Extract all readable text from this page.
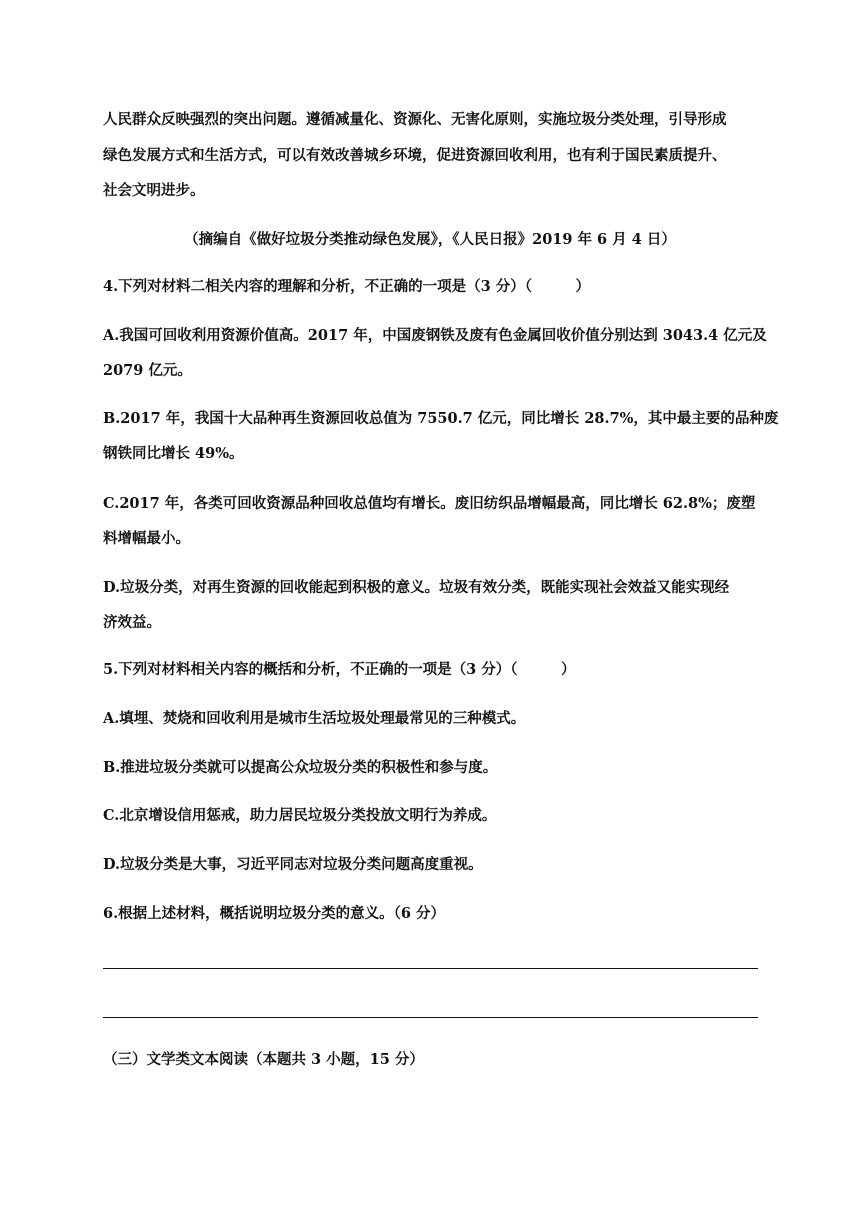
人民群众反映强烈的突出问题。遵循减量化、资源化、无害化原则，实施垃圾分类处理，引导形成
绿色发展方式和生活方式，可以有效改善城乡环境，促进资源回收利用，也有利于国民素质提升、
社会文明进步。
（摘编自《做好垃圾分类推动绿色发展》，《人民日报》2019 年 6 月 4 日）
4.下列对材料二相关内容的理解和分析，不正确的一项是（3 分）（　　　）
A.我国可回收利用资源价值高。2017 年，中国废钢铁及废有色金属回收价值分别达到 3043.4 亿元及
2079 亿元。
B.2017 年，我国十大品种再生资源回收总值为 7550.7 亿元，同比增长 28.7%，其中最主要的品种废
钢铁同比增长 49%。
C.2017 年，各类可回收资源品种回收总值均有增长。废旧纺织品增幅最高，同比增长 62.8%；废塑
料增幅最小。
D.垃圾分类，对再生资源的回收能起到积极的意义。垃圾有效分类，既能实现社会效益又能实现经
济效益。
5.下列对材料相关内容的概括和分析，不正确的一项是（3 分）（　　　）
A.填埋、焚烧和回收利用是城市生活垃圾处理最常见的三种模式。
B.推进垃圾分类就可以提高公众垃圾分类的积极性和参与度。
C.北京增设信用惩戒，助力居民垃圾分类投放文明行为养成。
D.垃圾分类是大事，习近平同志对垃圾分类问题高度重视。
6.根据上述材料，概括说明垃圾分类的意义。（6 分）
（三）文学类文本阅读（本题共 3 小题，15 分）
